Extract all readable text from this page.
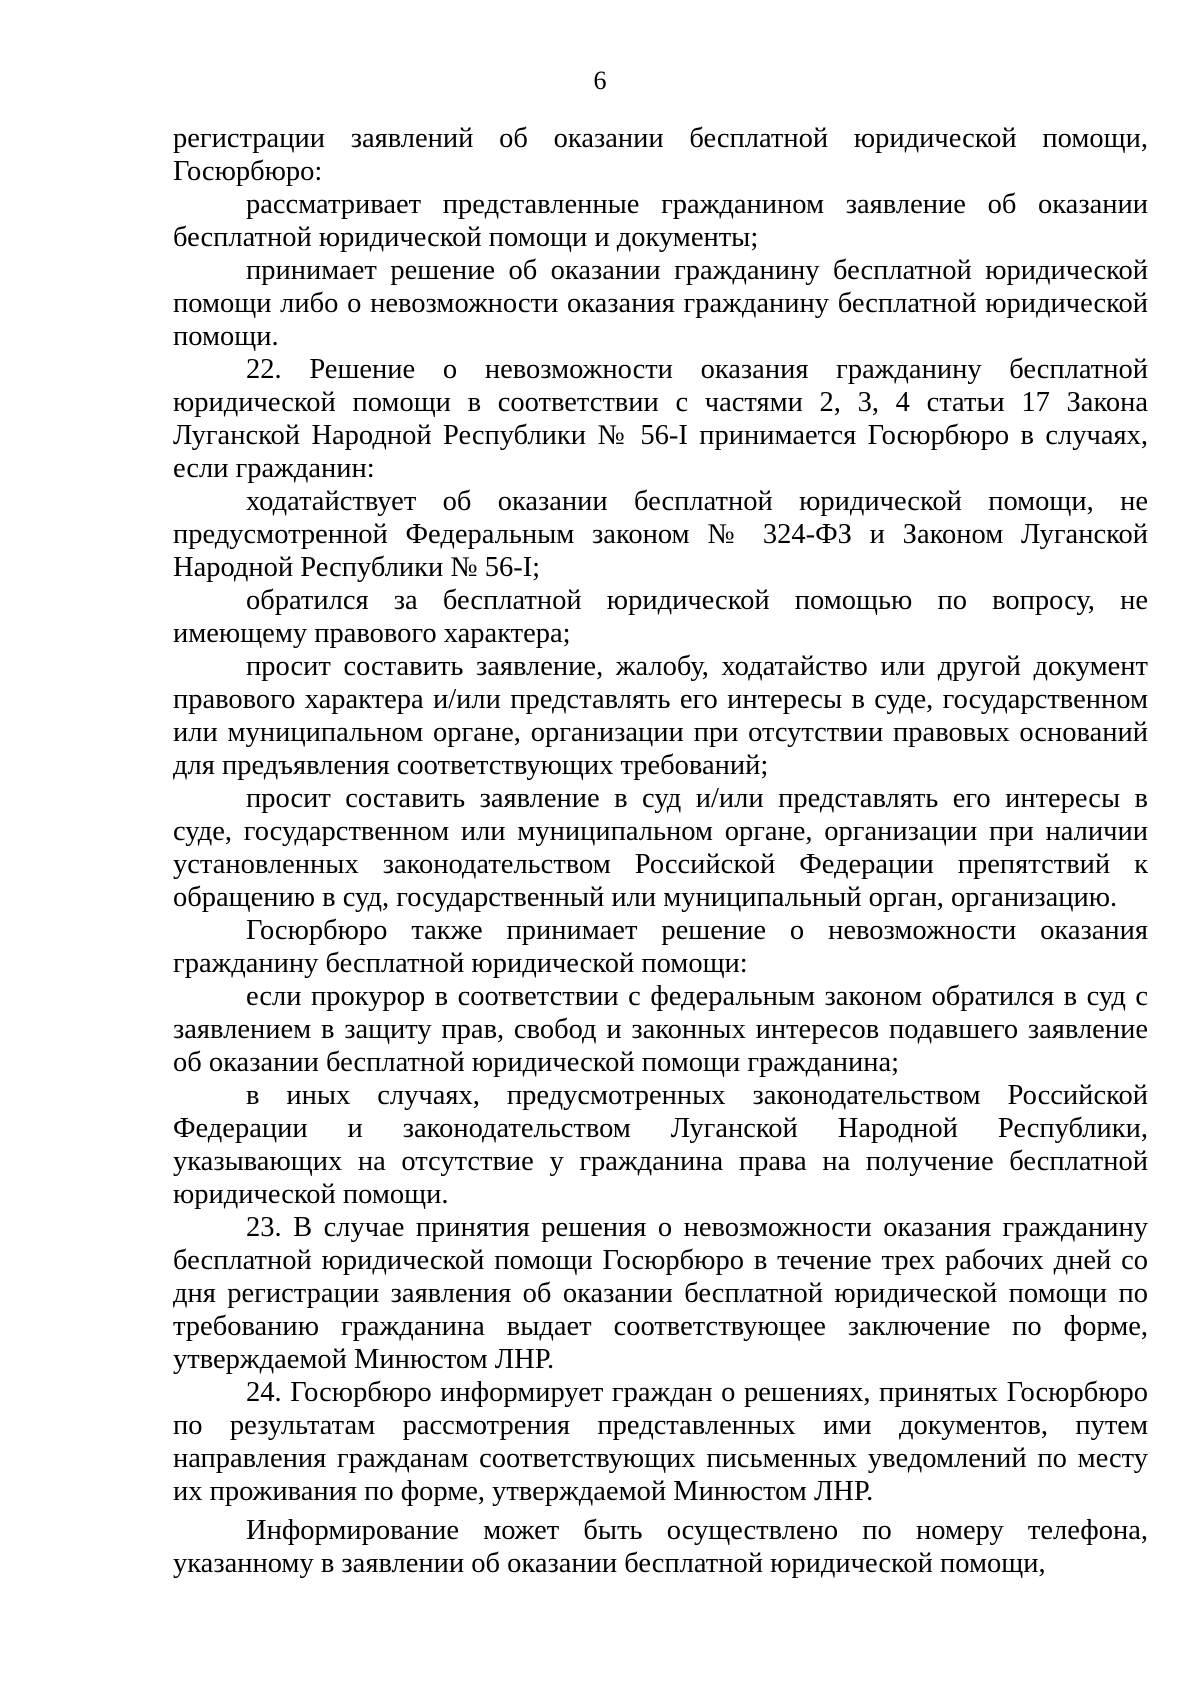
6

регистрации заявлений об оказании бесплатной юридической помощи, Госюрбюро:

рассматривает представленные гражданином заявление об оказании бесплатной юридической помощи и документы;

принимает решение об оказании гражданину бесплатной юридической помощи либо о невозможности оказания гражданину бесплатной юридической помощи.

22. Решение о невозможности оказания гражданину бесплатной юридической помощи в соответствии с частями 2, 3, 4 статьи 17 Закона Луганской Народной Республики № 56-I принимается Госюрбюро в случаях, если гражданин:

ходатайствует об оказании бесплатной юридической помощи, не предусмотренной Федеральным законом № 324-ФЗ и Законом Луганской Народной Республики № 56-I;

обратился за бесплатной юридической помощью по вопросу, не имеющему правового характера;

просит составить заявление, жалобу, ходатайство или другой документ правового характера и/или представлять его интересы в суде, государственном или муниципальном органе, организации при отсутствии правовых оснований для предъявления соответствующих требований;

просит составить заявление в суд и/или представлять его интересы в суде, государственном или муниципальном органе, организации при наличии установленных законодательством Российской Федерации препятствий к обращению в суд, государственный или муниципальный орган, организацию.

Госюрбюро также принимает решение о невозможности оказания гражданину бесплатной юридической помощи:

если прокурор в соответствии с федеральным законом обратился в суд с заявлением в защиту прав, свобод и законных интересов подавшего заявление об оказании бесплатной юридической помощи гражданина;

в иных случаях, предусмотренных законодательством Российской Федерации и законодательством Луганской Народной Республики, указывающих на отсутствие у гражданина права на получение бесплатной юридической помощи.

23. В случае принятия решения о невозможности оказания гражданину бесплатной юридической помощи Госюрбюро в течение трех рабочих дней со дня регистрации заявления об оказании бесплатной юридической помощи по требованию гражданина выдает соответствующее заключение по форме, утверждаемой Минюстом ЛНР.

24. Госюрбюро информирует граждан о решениях, принятых Госюрбюро по результатам рассмотрения представленных ими документов, путем направления гражданам соответствующих письменных уведомлений по месту их проживания по форме, утверждаемой Минюстом ЛНР.

Информирование может быть осуществлено по номеру телефона, указанному в заявлении об оказании бесплатной юридической помощи,
